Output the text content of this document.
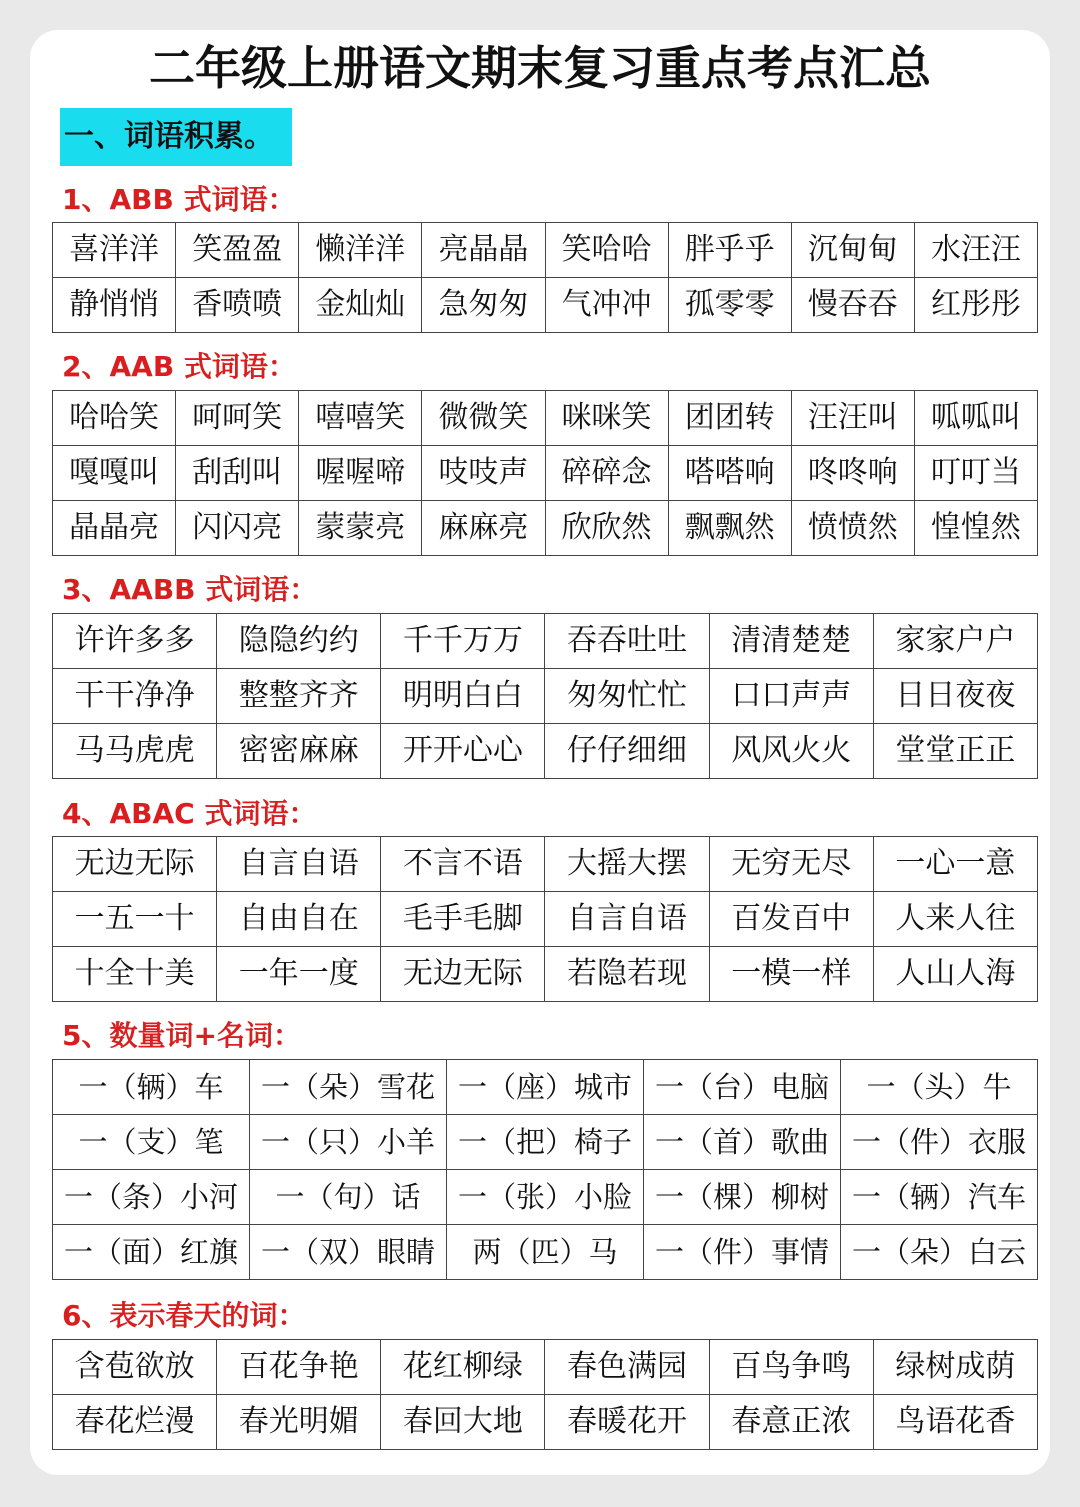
二年级上册语文期末复习重点考点汇总
一、词语积累。
1、ABB 式词语：
喜洋洋	笑盈盈	懒洋洋	亮晶晶	笑哈哈	胖乎乎	沉甸甸	水汪汪
静悄悄	香喷喷	金灿灿	急匆匆	气冲冲	孤零零	慢吞吞	红彤彤
2、AAB 式词语：
哈哈笑	呵呵笑	嘻嘻笑	微微笑	咪咪笑	团团转	汪汪叫	呱呱叫
嘎嘎叫	刮刮叫	喔喔啼	吱吱声	碎碎念	嗒嗒响	咚咚响	叮叮当
晶晶亮	闪闪亮	蒙蒙亮	麻麻亮	欣欣然	飘飘然	愤愤然	惶惶然
3、AABB 式词语：
许许多多	隐隐约约	千千万万	吞吞吐吐	清清楚楚	家家户户
干干净净	整整齐齐	明明白白	匆匆忙忙	口口声声	日日夜夜
马马虎虎	密密麻麻	开开心心	仔仔细细	风风火火	堂堂正正
4、ABAC 式词语：
无边无际	自言自语	不言不语	大摇大摆	无穷无尽	一心一意
一五一十	自由自在	毛手毛脚	自言自语	百发百中	人来人往
十全十美	一年一度	无边无际	若隐若现	一模一样	人山人海
5、数量词+名词：
一（辆）车	一（朵）雪花	一（座）城市	一（台）电脑	一（头）牛
一（支）笔	一（只）小羊	一（把）椅子	一（首）歌曲	一（件）衣服
一（条）小河	一（句）话	一（张）小脸	一（棵）柳树	一（辆）汽车
一（面）红旗	一（双）眼睛	两（匹）马	一（件）事情	一（朵）白云
6、表示春天的词：
含苞欲放	百花争艳	花红柳绿	春色满园	百鸟争鸣	绿树成荫
春花烂漫	春光明媚	春回大地	春暖花开	春意正浓	鸟语花香
